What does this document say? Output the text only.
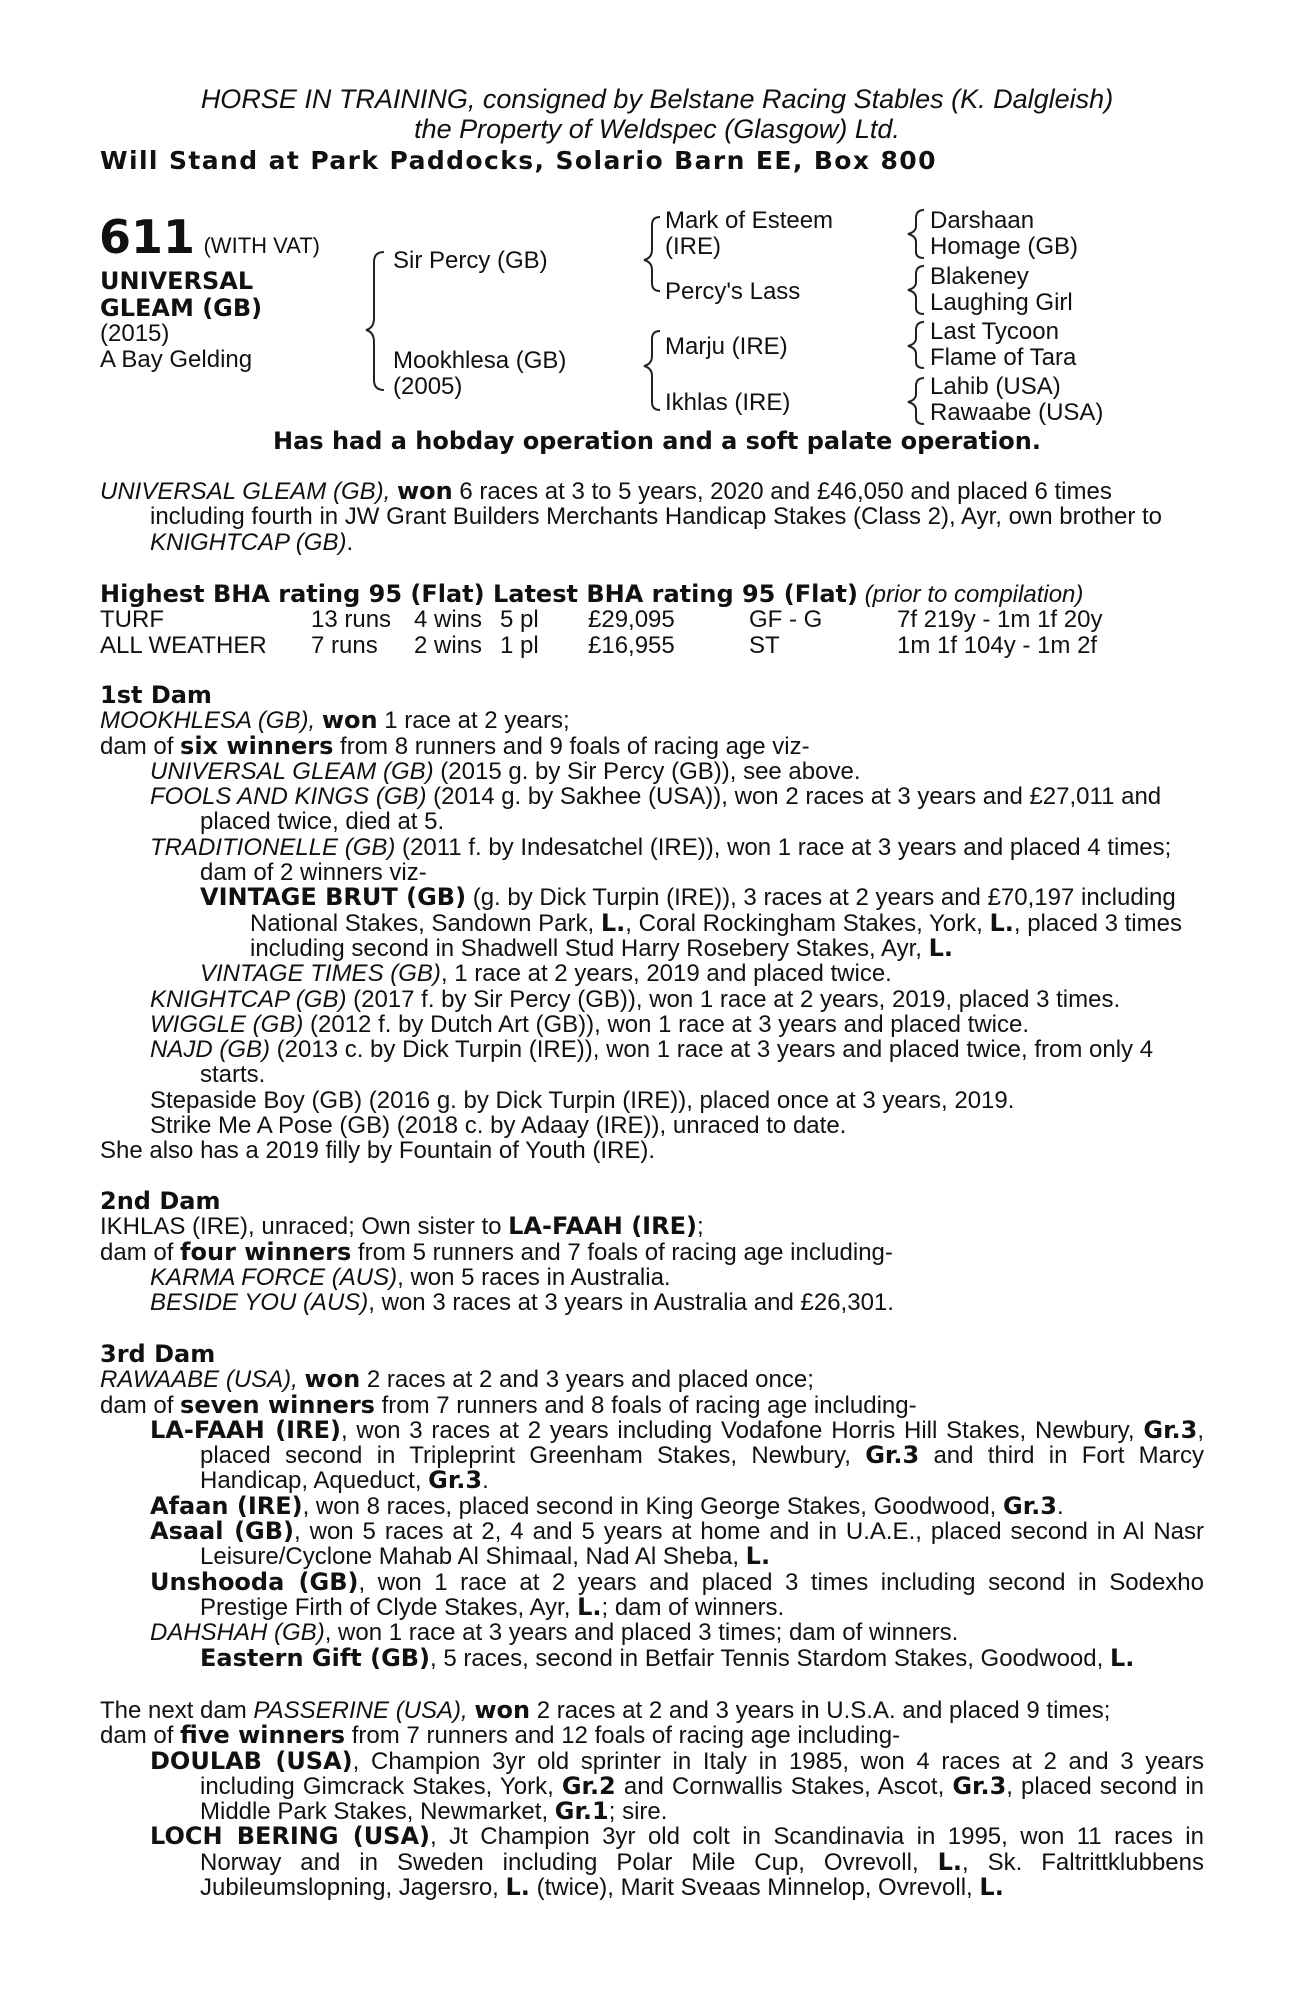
HORSE IN TRAINING, consigned by Belstane Racing Stables (K. Dalgleish)
the Property of Weldspec (Glasgow) Ltd.
Will Stand at Park Paddocks, Solario Barn EE, Box 800
611 (WITH VAT)
UNIVERSAL
GLEAM (GB)
(2015)
A Bay Gelding
Sir Percy (GB)
Mookhlesa (GB)
(2005)
Mark of Esteem
(IRE)
Percy's Lass
Marju (IRE)
Ikhlas (IRE)
Darshaan
Homage (GB)
Blakeney
Laughing Girl
Last Tycoon
Flame of Tara
Lahib (USA)
Rawaabe (USA)
Has had a hobday operation and a soft palate operation.

UNIVERSAL GLEAM (GB), won 6 races at 3 to 5 years, 2020 and £46,050 and placed 6 times including fourth in JW Grant Builders Merchants Handicap Stakes (Class 2), Ayr, own brother to KNIGHTCAP (GB).

Highest BHA rating 95 (Flat) Latest BHA rating 95 (Flat) (prior to compilation)
TURF	13 runs 4 wins 5 pl £29,095	GF - G	7f 219y - 1m 1f 20y
ALL WEATHER 7 runs 2 wins 1 pl £16,955	ST	1m 1f 104y - 1m 2f

1st Dam

MOOKHLESA (GB), won 1 race at 2 years;

dam of six winners from 8 runners and 9 foals of racing age viz-

UNIVERSAL GLEAM (GB) (2015 g. by Sir Percy (GB)), see above.

FOOLS AND KINGS (GB) (2014 g. by Sakhee (USA)), won 2 races at 3 years and £27,011 and placed twice, died at 5.

TRADITIONELLE (GB) (2011 f. by Indesatchel (IRE)), won 1 race at 3 years and placed 4 times; dam of 2 winners viz-

VINTAGE BRUT (GB) (g. by Dick Turpin (IRE)), 3 races at 2 years and £70,197 including National Stakes, Sandown Park, L., Coral Rockingham Stakes, York, L., placed 3 times including second in Shadwell Stud Harry Rosebery Stakes, Ayr, L.

VINTAGE TIMES (GB), 1 race at 2 years, 2019 and placed twice.

KNIGHTCAP (GB) (2017 f. by Sir Percy (GB)), won 1 race at 2 years, 2019, placed 3 times.

WIGGLE (GB) (2012 f. by Dutch Art (GB)), won 1 race at 3 years and placed twice.

NAJD (GB) (2013 c. by Dick Turpin (IRE)), won 1 race at 3 years and placed twice, from only 4 starts.

Stepaside Boy (GB) (2016 g. by Dick Turpin (IRE)), placed once at 3 years, 2019.

Strike Me A Pose (GB) (2018 c. by Adaay (IRE)), unraced to date.

She also has a 2019 filly by Fountain of Youth (IRE).

2nd Dam

IKHLAS (IRE), unraced; Own sister to LA-FAAH (IRE);

dam of four winners from 5 runners and 7 foals of racing age including-

KARMA FORCE (AUS), won 5 races in Australia.

BESIDE YOU (AUS), won 3 races at 3 years in Australia and £26,301.

3rd Dam

RAWAABE (USA), won 2 races at 2 and 3 years and placed once;

dam of seven winners from 7 runners and 8 foals of racing age including-

LA-FAAH (IRE), won 3 races at 2 years including Vodafone Horris Hill Stakes, Newbury, Gr.3, placed second in Tripleprint Greenham Stakes, Newbury, Gr.3 and third in Fort Marcy Handicap, Aqueduct, Gr.3.

Afaan (IRE), won 8 races, placed second in King George Stakes, Goodwood, Gr.3.

Asaal (GB), won 5 races at 2, 4 and 5 years at home and in U.A.E., placed second in Al Nasr Leisure/Cyclone Mahab Al Shimaal, Nad Al Sheba, L.

Unshooda (GB), won 1 race at 2 years and placed 3 times including second in Sodexho Prestige Firth of Clyde Stakes, Ayr, L.; dam of winners.

DAHSHAH (GB), won 1 race at 3 years and placed 3 times; dam of winners.

Eastern Gift (GB), 5 races, second in Betfair Tennis Stardom Stakes, Goodwood, L.

The next dam PASSERINE (USA), won 2 races at 2 and 3 years in U.S.A. and placed 9 times;

dam of five winners from 7 runners and 12 foals of racing age including-

DOULAB (USA), Champion 3yr old sprinter in Italy in 1985, won 4 races at 2 and 3 years including Gimcrack Stakes, York, Gr.2 and Cornwallis Stakes, Ascot, Gr.3, placed second in Middle Park Stakes, Newmarket, Gr.1; sire.

LOCH BERING (USA), Jt Champion 3yr old colt in Scandinavia in 1995, won 11 races in Norway and in Sweden including Polar Mile Cup, Ovrevoll, L., Sk. Faltrittklubbens Jubileumslopning, Jagersro, L. (twice), Marit Sveaas Minnelop, Ovrevoll, L.
